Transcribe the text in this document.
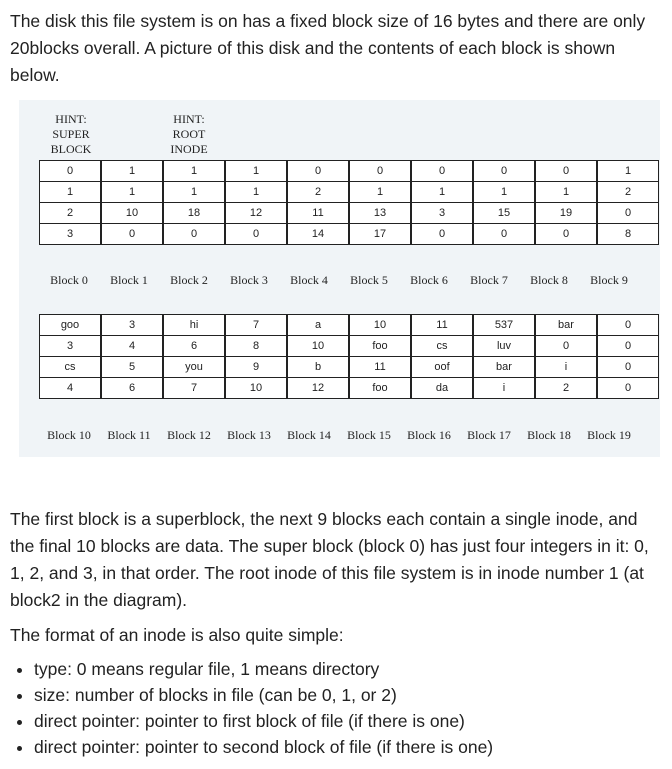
The disk this file system is on has a fixed block size of 16 bytes and there are only 20blocks overall. A picture of this disk and the contents of each block is shown below.
HINT:
SUPER
BLOCK
HINT:
ROOT
INODE
0	1	1	1	0	0	0	0	0	1
1	1	1	1	2	1	1	1	1	2
2	10	18	12	11	13	3	15	19	0
3	0	0	0	14	17	0	0	0	8
Block 0	Block 1	Block 2	Block 3	Block 4	Block 5	Block 6	Block 7	Block 8	Block 9
goo	3	hi	7	a	10	11	537	bar	0
3	4	6	8	10	foo	cs	luv	0	0
cs	5	you	9	b	11	oof	bar	i	0
4	6	7	10	12	foo	da	i	2	0
Block 10	Block 11	Block 12	Block 13	Block 14	Block 15	Block 16	Block 17	Block 18	Block 19
The first block is a superblock, the next 9 blocks each contain a single inode, and the final 10 blocks are data. The super block (block 0) has just four integers in it: 0, 1, 2, and 3, in that order. The root inode of this file system is in inode number 1 (at block2 in the diagram).
The format of an inode is also quite simple:
• type: 0 means regular file, 1 means directory
• size: number of blocks in file (can be 0, 1, or 2)
• direct pointer: pointer to first block of file (if there is one)
• direct pointer: pointer to second block of file (if there is one)
